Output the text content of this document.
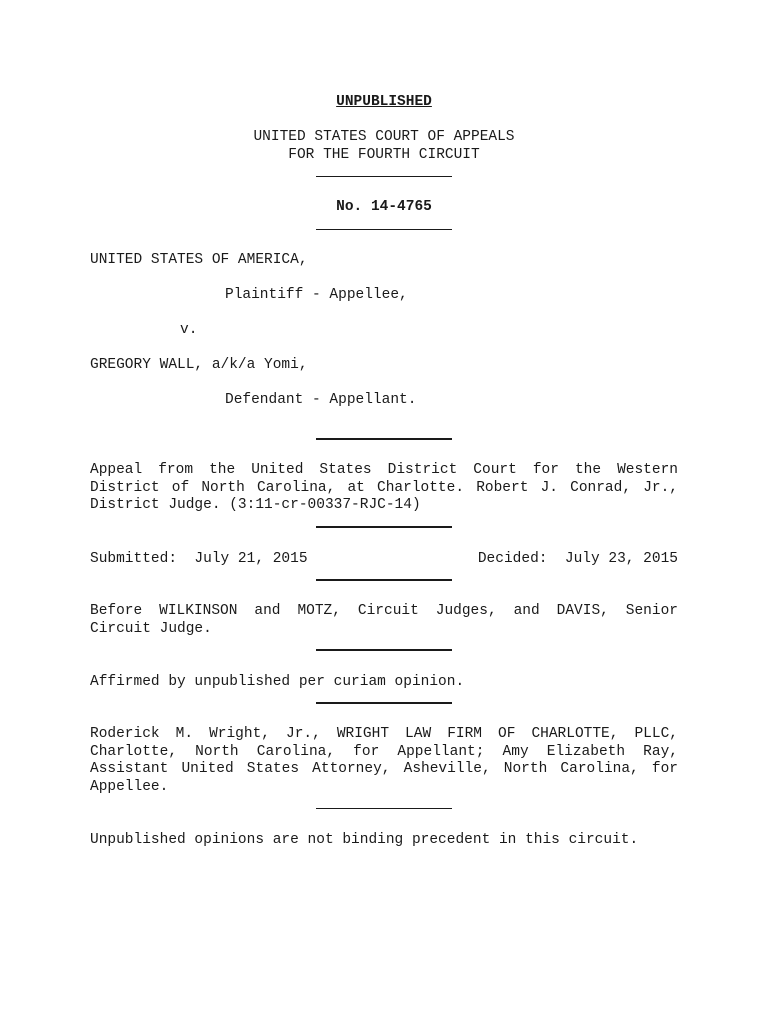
UNPUBLISHED
UNITED STATES COURT OF APPEALS
FOR THE FOURTH CIRCUIT
No. 14-4765
UNITED STATES OF AMERICA,
Plaintiff - Appellee,
v.
GREGORY WALL, a/k/a Yomi,
Defendant - Appellant.
Appeal from the United States District Court for the Western
District of North Carolina, at Charlotte. Robert J. Conrad, Jr.,
District Judge. (3:11-cr-00337-RJC-14)
Submitted:  July 21, 2015	Decided:  July 23, 2015
Before WILKINSON and MOTZ, Circuit Judges, and DAVIS, Senior
Circuit Judge.
Affirmed by unpublished per curiam opinion.
Roderick M. Wright, Jr., WRIGHT LAW FIRM OF CHARLOTTE, PLLC,
Charlotte, North Carolina, for Appellant; Amy Elizabeth Ray,
Assistant United States Attorney, Asheville, North Carolina, for
Appellee.
Unpublished opinions are not binding precedent in this circuit.
